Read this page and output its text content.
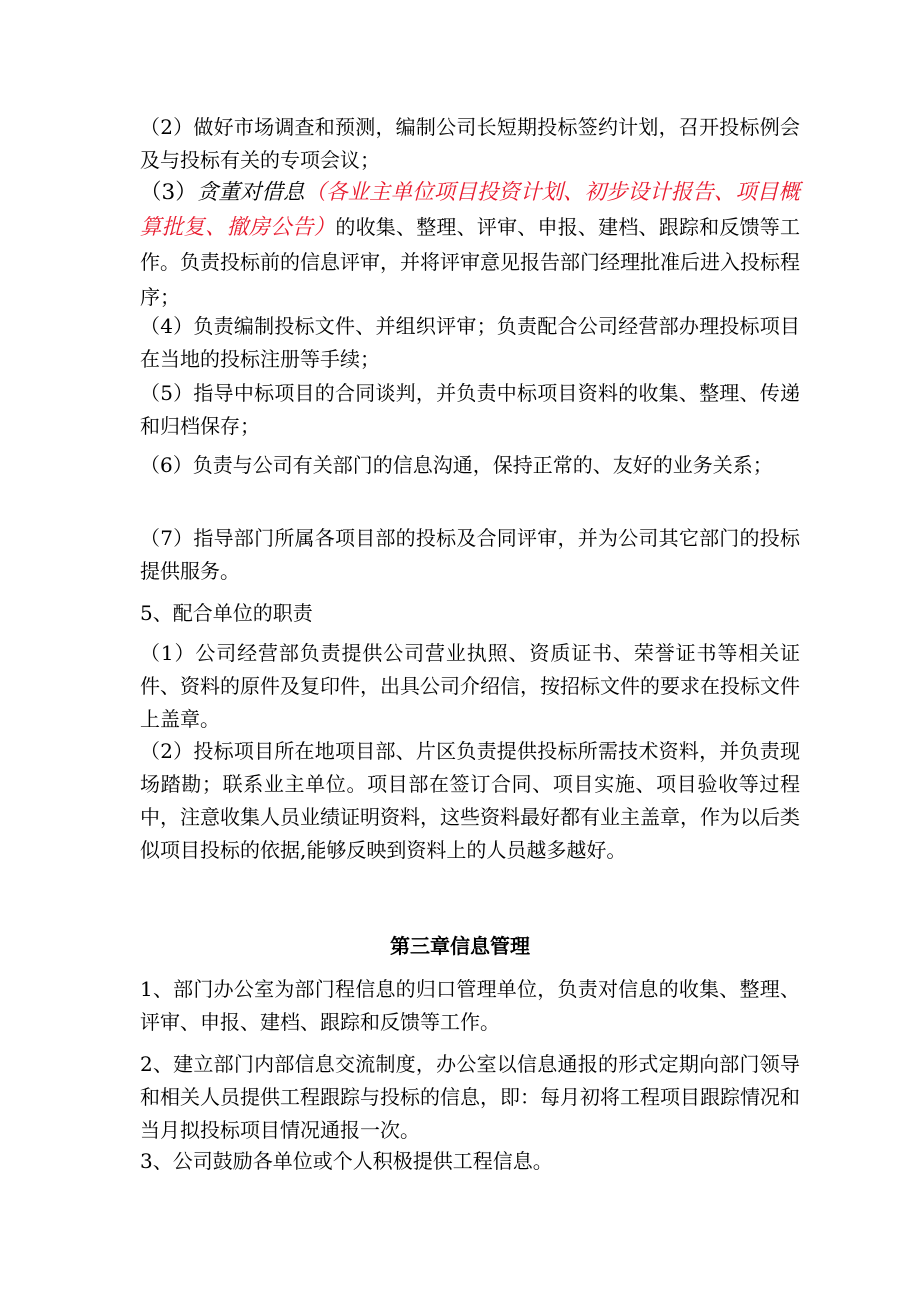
（2）做好市场调查和预测，编制公司长短期投标签约计划，召开投标例会及与投标有关的专项会议；

（3）贪董对借息（各业主单位项目投资计划、初步设计报告、项目概算批复、撤房公告）的收集、整理、评审、申报、建档、跟踪和反馈等工作。负责投标前的信息评审，并将评审意见报告部门经理批准后进入投标程序；

（4）负责编制投标文件、并组织评审；负责配合公司经营部办理投标项目在当地的投标注册等手续；

（5）指导中标项目的合同谈判，并负责中标项目资料的收集、整理、传递和归档保存；

（6）负责与公司有关部门的信息沟通，保持正常的、友好的业务关系；

（7）指导部门所属各项目部的投标及合同评审，并为公司其它部门的投标提供服务。

5、配合单位的职责

（1）公司经营部负责提供公司营业执照、资质证书、荣誉证书等相关证件、资料的原件及复印件，出具公司介绍信，按招标文件的要求在投标文件上盖章。

（2）投标项目所在地项目部、片区负责提供投标所需技术资料，并负责现场踏勘；联系业主单位。项目部在签订合同、项目实施、项目验收等过程中，注意收集人员业绩证明资料，这些资料最好都有业主盖章，作为以后类似项目投标的依据,能够反映到资料上的人员越多越好。

第三章信息管理

1、部门办公室为部门程信息的归口管理单位，负责对信息的收集、整理、评审、申报、建档、跟踪和反馈等工作。

2、建立部门内部信息交流制度，办公室以信息通报的形式定期向部门领导和相关人员提供工程跟踪与投标的信息，即：每月初将工程项目跟踪情况和当月拟投标项目情况通报一次。

3、公司鼓励各单位或个人积极提供工程信息。
